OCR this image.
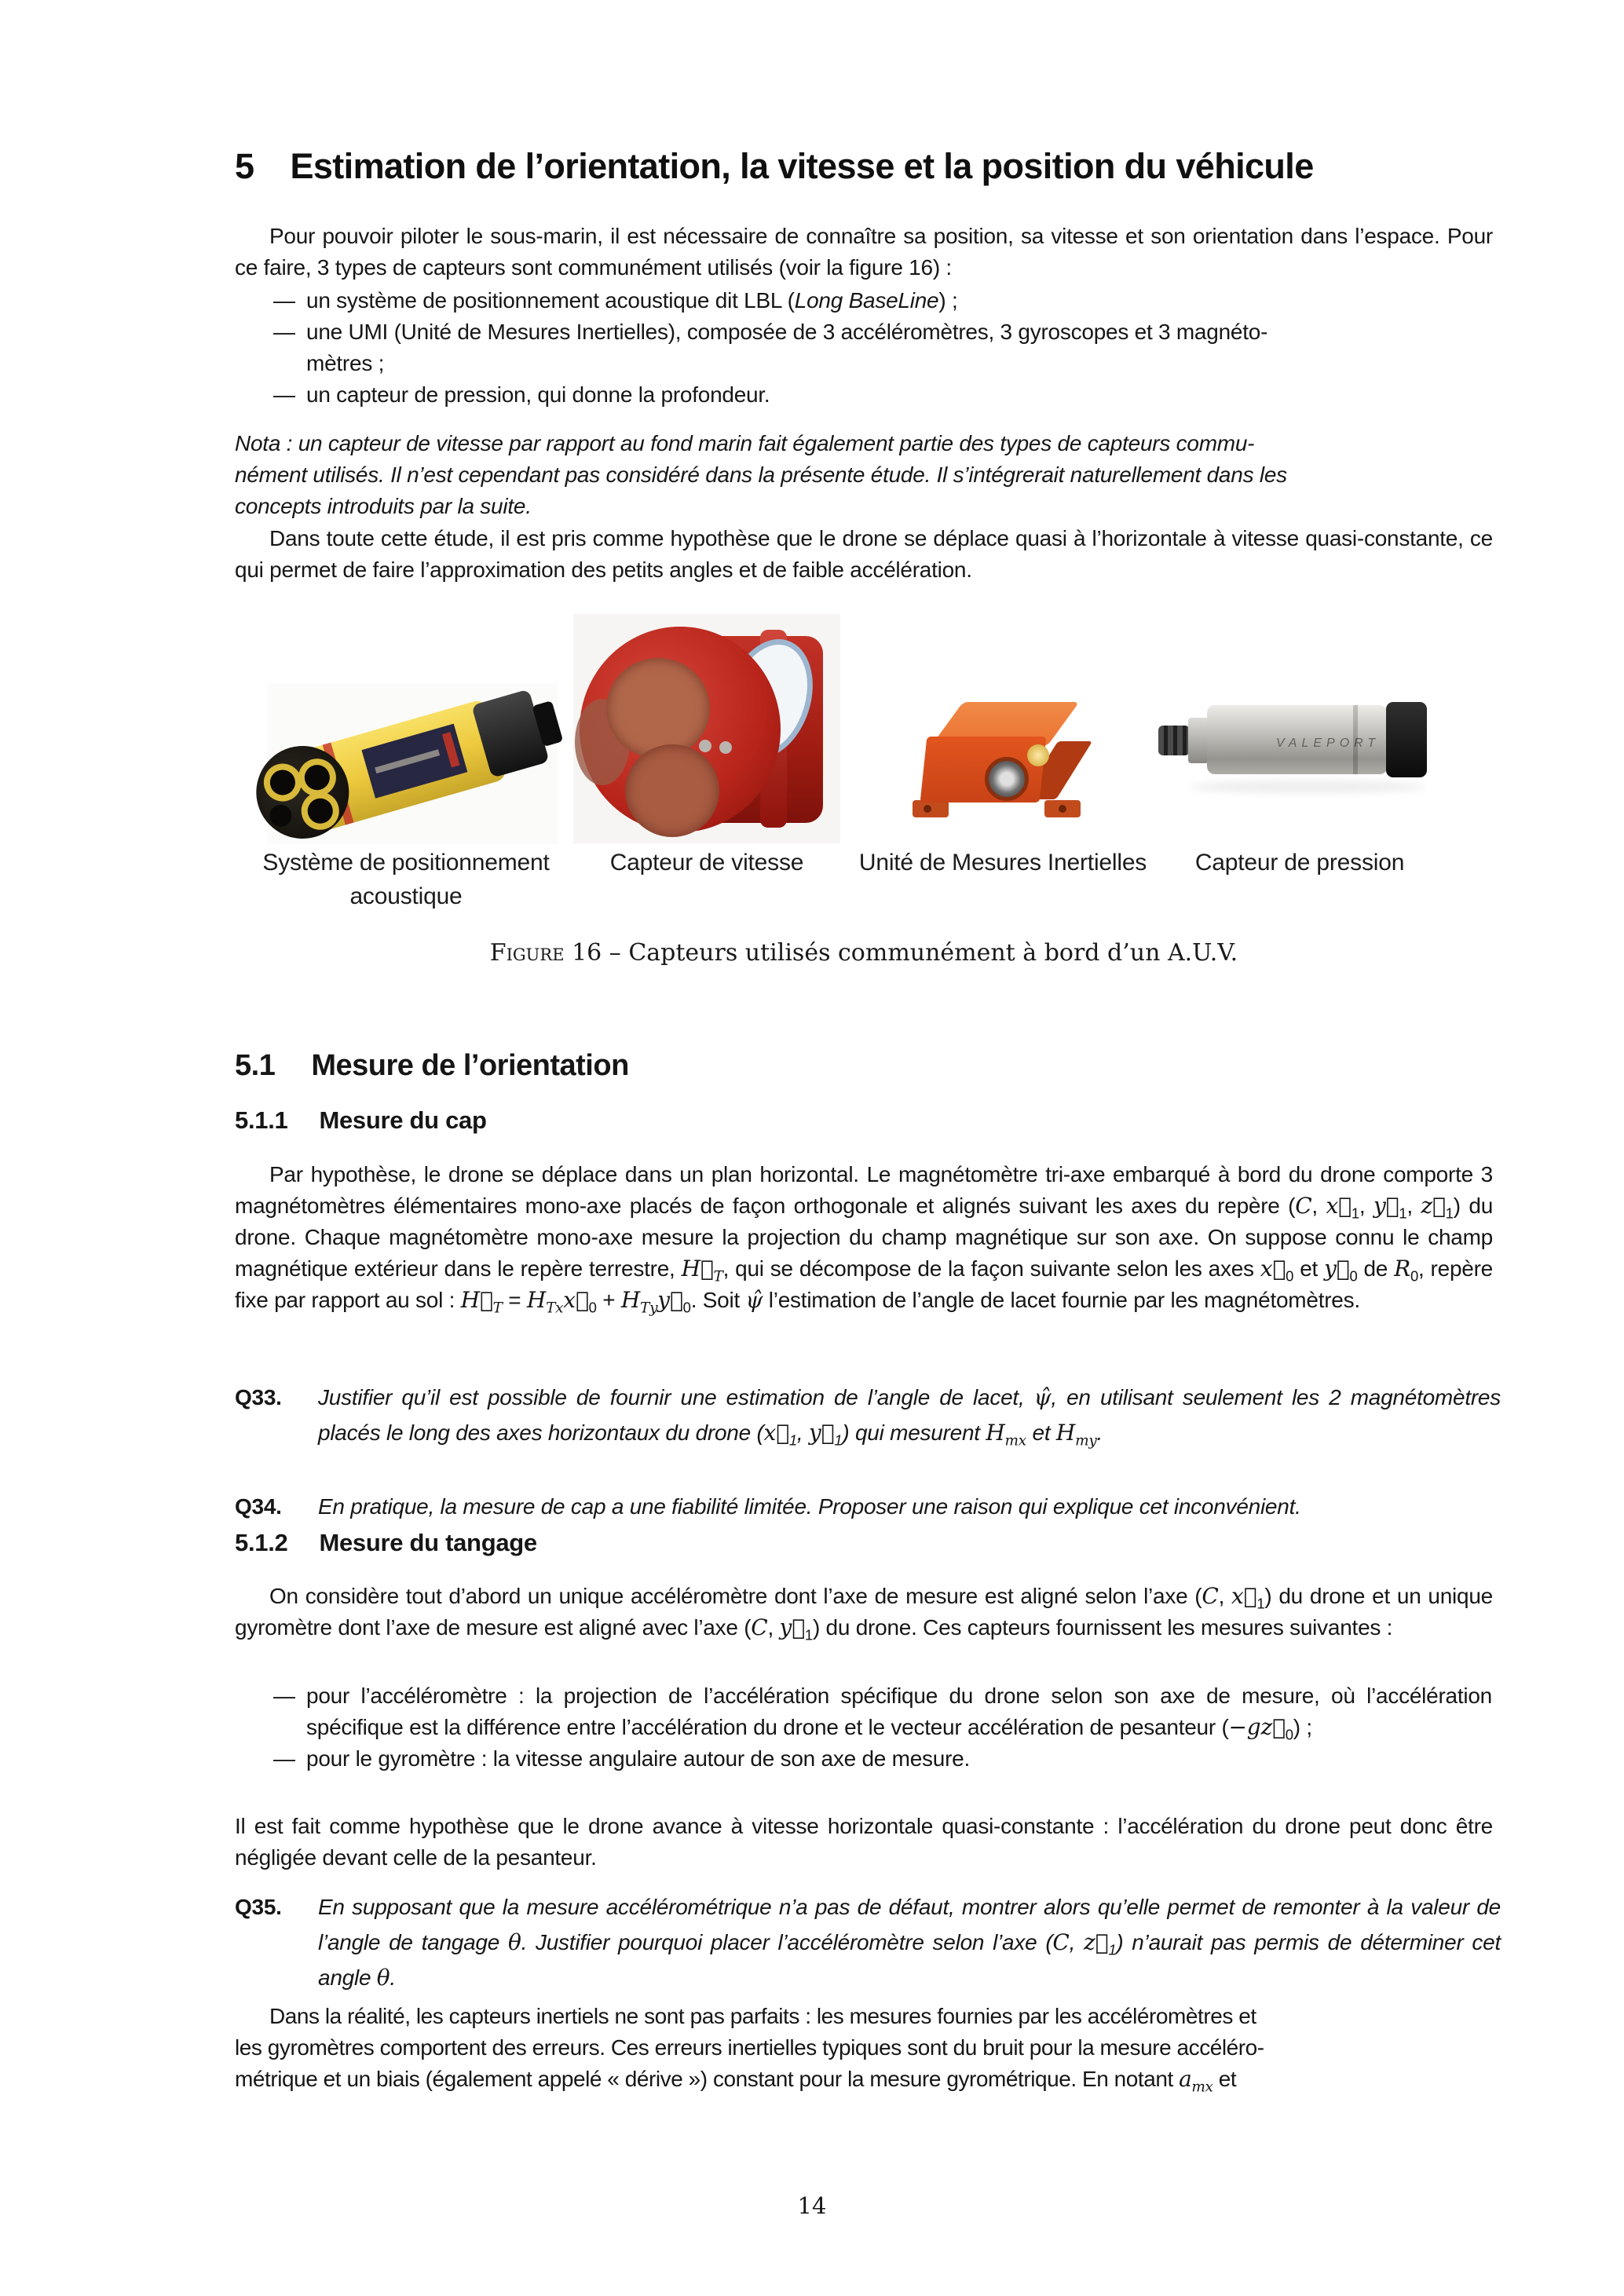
5 Estimation de l’orientation, la vitesse et la position du véhicule

Pour pouvoir piloter le sous-marin, il est nécessaire de connaître sa position, sa vitesse et son orientation dans l’espace. Pour ce faire, 3 types de capteurs sont communément utilisés (voir la figure 16) :

— un système de positionnement acoustique dit LBL (Long BaseLine) ;
— une UMI (Unité de Mesures Inertielles), composée de 3 accéléromètres, 3 gyroscopes et 3 magnéto-
mètres ;
— un capteur de pression, qui donne la profondeur.

Nota : un capteur de vitesse par rapport au fond marin fait également partie des types de capteurs commu-
nément utilisés. Il n’est cependant pas considéré dans la présente étude. Il s’intégrerait naturellement dans les
concepts introduits par la suite.

Dans toute cette étude, il est pris comme hypothèse que le drone se déplace quasi à l’horizontale à vitesse quasi-constante, ce qui permet de faire l’approximation des petits angles et de faible accélération.

VALEPORT
Système de positionnement acoustique
Capteur de vitesse	Unité de Mesures Inertielles	Capteur de pression
Figure 16 – Capteurs utilisés communément à bord d’un A.U.V.
5.1 Mesure de l’orientation
5.1.1 Mesure du cap

Par hypothèse, le drone se déplace dans un plan horizontal. Le magnétomètre tri-axe embarqué à bord du drone comporte 3 magnétomètres élémentaires mono-axe placés de façon orthogonale et alignés suivant les axes du repère (C, $x⃗_1$, $y⃗_1$, $z⃗_1$) du drone. Chaque magnétomètre mono-axe mesure la projection du champ magnétique sur son axe. On suppose connu le champ magnétique extérieur dans le repère terrestre, $H⃗_T$, qui se décompose de la façon suivante selon les axes $x⃗_0$ et $y⃗_0$ de $R_0$, repère fixe par rapport au sol : $H⃗_T$ = $H_{Tx}x⃗_0$ + $H_{Ty}y⃗_0$. Soit ψ̂ l’estimation de l’angle de lacet fournie par les magnétomètres.

Q33.	Justifier qu’il est possible de fournir une estimation de l’angle de lacet, ψ̂, en utilisant seulement les 2 magnétomètres placés le long des axes horizontaux du drone ($x⃗_1$, $y⃗_1$) qui mesurent $H_{mx}$ et $H_{my}$.
Q34.	En pratique, la mesure de cap a une fiabilité limitée. Proposer une raison qui explique cet inconvénient.
5.1.2 Mesure du tangage

On considère tout d’abord un unique accéléromètre dont l’axe de mesure est aligné selon l’axe (C, $x⃗_1$) du drone et un unique gyromètre dont l’axe de mesure est aligné avec l’axe (C, $y⃗_1$) du drone. Ces capteurs fournissent les mesures suivantes :

— pour l’accéléromètre : la projection de l’accélération spécifique du drone selon son axe de mesure, où l’accélération spécifique est la différence entre l’accélération du drone et le vecteur accélération de pesanteur $(-gz⃗_0)$ ;
— pour le gyromètre : la vitesse angulaire autour de son axe de mesure.

Il est fait comme hypothèse que le drone avance à vitesse horizontale quasi-constante : l’accélération du drone peut donc être négligée devant celle de la pesanteur.

Q35.	En supposant que la mesure accélérométrique n’a pas de défaut, montrer alors qu’elle permet de remonter à la valeur de l’angle de tangage θ. Justifier pourquoi placer l’accéléromètre selon l’axe (C, $z⃗_1$) n’aurait pas permis de déterminer cet angle θ.

Dans la réalité, les capteurs inertiels ne sont pas parfaits : les mesures fournies par les accéléromètres et
les gyromètres comportent des erreurs. Ces erreurs inertielles typiques sont du bruit pour la mesure accéléro-
métrique et un biais (également appelé « dérive ») constant pour la mesure gyrométrique. En notant $a_{mx}$ et

14
